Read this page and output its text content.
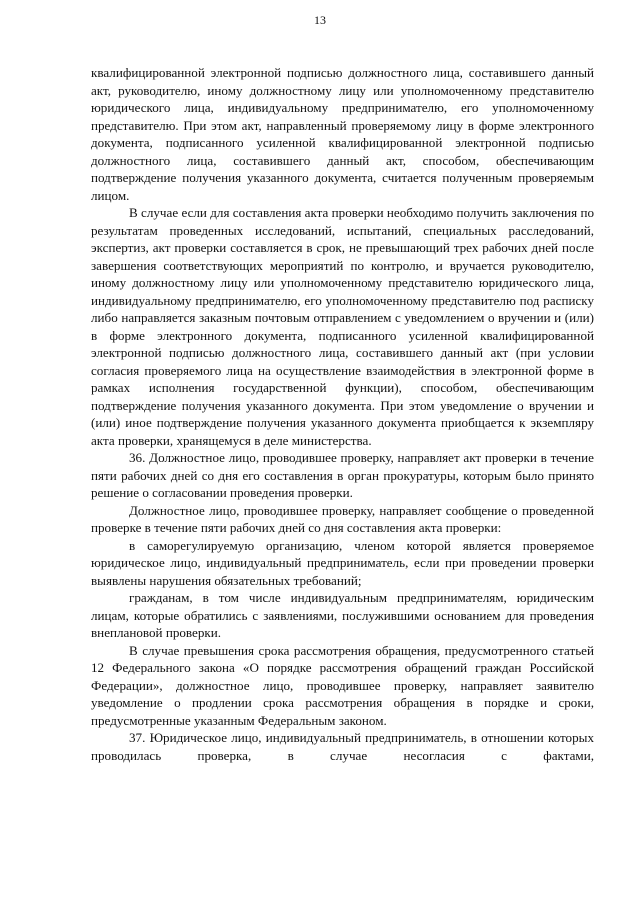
13

квалифицированной электронной подписью должностного лица, составившего данный акт, руководителю, иному должностному лицу или уполномоченному представителю юридического лица, индивидуальному предпринимателю, его уполномоченному представителю. При этом акт, направленный проверяемому лицу в форме электронного документа, подписанного усиленной квалифицированной электронной подписью должностного лица, составившего данный акт, способом, обеспечивающим подтверждение получения указанного документа, считается полученным проверяемым лицом.

В случае если для составления акта проверки необходимо получить заключения по результатам проведенных исследований, испытаний, специальных расследований, экспертиз, акт проверки составляется в срок, не превышающий трех рабочих дней после завершения соответствующих мероприятий по контролю, и вручается руководителю, иному должностному лицу или уполномоченному представителю юридического лица, индивидуальному предпринимателю, его уполномоченному представителю под расписку либо направляется заказным почтовым отправлением с уведомлением о вручении и (или) в форме электронного документа, подписанного усиленной квалифицированной электронной подписью должностного лица, составившего данный акт (при условии согласия проверяемого лица на осуществление взаимодействия в электронной форме в рамках исполнения государственной функции), способом, обеспечивающим подтверждение получения указанного документа. При этом уведомление о вручении и (или) иное подтверждение получения указанного документа приобщается к экземпляру акта проверки, хранящемуся в деле министерства.

36. Должностное лицо, проводившее проверку, направляет акт проверки в течение пяти рабочих дней со дня его составления в орган прокуратуры, которым было принято решение о согласовании проведения проверки.

Должностное лицо, проводившее проверку, направляет сообщение о проведенной проверке в течение пяти рабочих дней со дня составления акта проверки:

в саморегулируемую организацию, членом которой является проверяемое юридическое лицо, индивидуальный предприниматель, если при проведении проверки выявлены нарушения обязательных требований;

гражданам, в том числе индивидуальным предпринимателям, юридическим лицам, которые обратились с заявлениями, послужившими основанием для проведения внеплановой проверки.

В случае превышения срока рассмотрения обращения, предусмотренного статьей 12 Федерального закона «О порядке рассмотрения обращений граждан Российской Федерации», должностное лицо, проводившее проверку, направляет заявителю уведомление о продлении срока рассмотрения обращения в порядке и сроки, предусмотренные указанным Федеральным законом.

37. Юридическое лицо, индивидуальный предприниматель, в отношении которых проводилась проверка, в случае несогласия с фактами,
